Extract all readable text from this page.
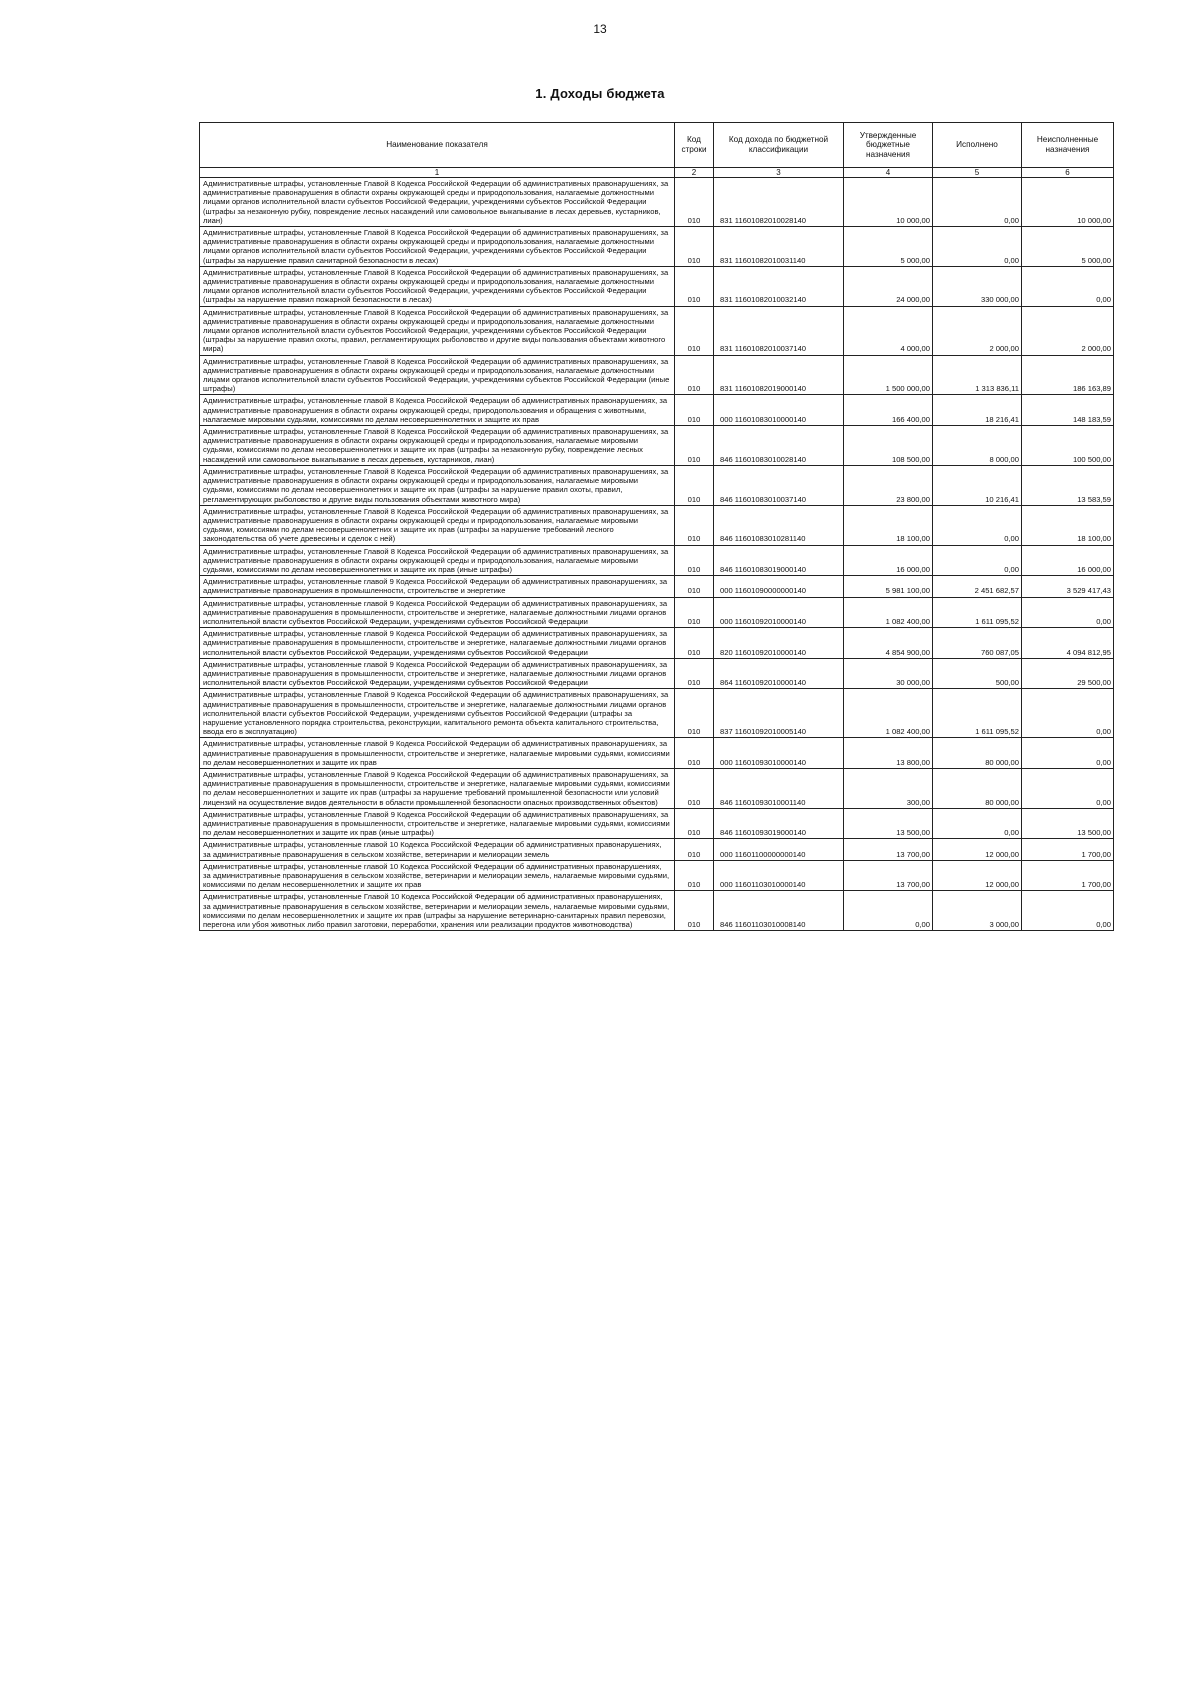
13
1. Доходы бюджета
Наименование показателя	Код строки	Код дохода по бюджетной классификации	Утвержденные бюджетные назначения	Исполнено	Неисполненные назначения
1	2	3	4	5	6
Административные штрафы, установленные Главой 8 Кодекса Российской Федерации об административных правонарушениях, за административные правонарушения в области охраны окружающей среды и природопользования, налагаемые должностными лицами органов исполнительной власти субъектов Российской Федерации, учреждениями субъектов Российской Федерации (штрафы за незаконную рубку, повреждение лесных насаждений или самовольное выкапывание в лесах деревьев, кустарников, лиан)	010	831 11601082010028140	10 000,00	0,00	10 000,00
Административные штрафы, установленные Главой 8 Кодекса Российской Федерации об административных правонарушениях, за административные правонарушения в области охраны окружающей среды и природопользования, налагаемые должностными лицами органов исполнительной власти субъектов Российской Федерации, учреждениями субъектов Российской Федерации (штрафы за нарушение правил санитарной безопасности в лесах)	010	831 11601082010031140	5 000,00	0,00	5 000,00
Административные штрафы, установленные Главой 8 Кодекса Российской Федерации об административных правонарушениях, за административные правонарушения в области охраны окружающей среды и природопользования, налагаемые должностными лицами органов исполнительной власти субъектов Российской Федерации, учреждениями субъектов Российской Федерации (штрафы за нарушение правил пожарной безопасности в лесах)	010	831 11601082010032140	24 000,00	330 000,00	0,00
Административные штрафы, установленные Главой 8 Кодекса Российской Федерации об административных правонарушениях, за административные правонарушения в области охраны окружающей среды и природопользования, налагаемые должностными лицами органов исполнительной власти субъектов Российской Федерации, учреждениями субъектов Российской Федерации (штрафы за нарушение правил охоты, правил, регламентирующих рыболовство и другие виды пользования объектами животного мира)	010	831 11601082010037140	4 000,00	2 000,00	2 000,00
Административные штрафы, установленные Главой 8 Кодекса Российской Федерации об административных правонарушениях, за административные правонарушения в области охраны окружающей среды и природопользования, налагаемые должностными лицами органов исполнительной власти субъектов Российской Федерации, учреждениями субъектов Российской Федерации (иные штрафы)	010	831 11601082019000140	1 500 000,00	1 313 836,11	186 163,89
Административные штрафы, установленные главой 8 Кодекса Российской Федерации об административных правонарушениях, за административные правонарушения в области охраны окружающей среды, природопользования и обращения с животными, налагаемые мировыми судьями, комиссиями по делам несовершеннолетних и защите их прав	010	000 11601083010000140	166 400,00	18 216,41	148 183,59
Административные штрафы, установленные Главой 8 Кодекса Российской Федерации об административных правонарушениях, за административные правонарушения в области охраны окружающей среды и природопользования, налагаемые мировыми судьями, комиссиями по делам несовершеннолетних и защите их прав (штрафы за незаконную рубку, повреждение лесных насаждений или самовольное выкапывание в лесах деревьев, кустарников, лиан)	010	846 11601083010028140	108 500,00	8 000,00	100 500,00
Административные штрафы, установленные Главой 8 Кодекса Российской Федерации об административных правонарушениях, за административные правонарушения в области охраны окружающей среды и природопользования, налагаемые мировыми судьями, комиссиями по делам несовершеннолетних и защите их прав (штрафы за нарушение правил охоты, правил, регламентирующих рыболовство и другие виды пользования объектами животного мира)	010	846 11601083010037140	23 800,00	10 216,41	13 583,59
Административные штрафы, установленные Главой 8 Кодекса Российской Федерации об административных правонарушениях, за административные правонарушения в области охраны окружающей среды и природопользования, налагаемые мировыми судьями, комиссиями по делам несовершеннолетних и защите их прав (штрафы за нарушение требований лесного законодательства об учете древесины и сделок с ней)	010	846 11601083010281140	18 100,00	0,00	18 100,00
Административные штрафы, установленные Главой 8 Кодекса Российской Федерации об административных правонарушениях, за административные правонарушения в области охраны окружающей среды и природопользования, налагаемые мировыми судьями, комиссиями по делам несовершеннолетних и защите их прав (иные штрафы)	010	846 11601083019000140	16 000,00	0,00	16 000,00
Административные штрафы, установленные главой 9 Кодекса Российской Федерации об административных правонарушениях, за административные правонарушения в промышленности, строительстве и энергетике	010	000 11601090000000140	5 981 100,00	2 451 682,57	3 529 417,43
Административные штрафы, установленные главой 9 Кодекса Российской Федерации об административных правонарушениях, за административные правонарушения в промышленности, строительстве и энергетике, налагаемые должностными лицами органов исполнительной власти субъектов Российской Федерации, учреждениями субъектов Российской Федерации	010	000 11601092010000140	1 082 400,00	1 611 095,52	0,00
Административные штрафы, установленные главой 9 Кодекса Российской Федерации об административных правонарушениях, за административные правонарушения в промышленности, строительстве и энергетике, налагаемые должностными лицами органов исполнительной власти субъектов Российской Федерации, учреждениями субъектов Российской Федерации	010	820 11601092010000140	4 854 900,00	760 087,05	4 094 812,95
Административные штрафы, установленные главой 9 Кодекса Российской Федерации об административных правонарушениях, за административные правонарушения в промышленности, строительстве и энергетике, налагаемые должностными лицами органов исполнительной власти субъектов Российской Федерации, учреждениями субъектов Российской Федерации	010	864 11601092010000140	30 000,00	500,00	29 500,00
Административные штрафы, установленные Главой 9 Кодекса Российской Федерации об административных правонарушениях, за административные правонарушения в промышленности, строительстве и энергетике, налагаемые должностными лицами органов исполнительной власти субъектов Российской Федерации, учреждениями субъектов Российской Федерации (штрафы за нарушение установленного порядка строительства, реконструкции, капитального ремонта объекта капитального строительства, ввода его в эксплуатацию)	010	837 11601092010005140	1 082 400,00	1 611 095,52	0,00
Административные штрафы, установленные главой 9 Кодекса Российской Федерации об административных правонарушениях, за административные правонарушения в промышленности, строительстве и энергетике, налагаемые мировыми судьями, комиссиями по делам несовершеннолетних и защите их прав	010	000 11601093010000140	13 800,00	80 000,00	0,00
Административные штрафы, установленные Главой 9 Кодекса Российской Федерации об административных правонарушениях, за административные правонарушения в промышленности, строительстве и энергетике, налагаемые мировыми судьями, комиссиями по делам несовершеннолетних и защите их прав (штрафы за нарушение требований промышленной безопасности или условий лицензий на осуществление видов деятельности в области промышленной безопасности опасных производственных объектов)	010	846 11601093010001140	300,00	80 000,00	0,00
Административные штрафы, установленные Главой 9 Кодекса Российской Федерации об административных правонарушениях, за административные правонарушения в промышленности, строительстве и энергетике, налагаемые мировыми судьями, комиссиями по делам несовершеннолетних и защите их прав (иные штрафы)	010	846 11601093019000140	13 500,00	0,00	13 500,00
Административные штрафы, установленные главой 10 Кодекса Российской Федерации об административных правонарушениях, за административные правонарушения в сельском хозяйстве, ветеринарии и мелиорации земель	010	000 11601100000000140	13 700,00	12 000,00	1 700,00
Административные штрафы, установленные главой 10 Кодекса Российской Федерации об административных правонарушениях, за административные правонарушения в сельском хозяйстве, ветеринарии и мелиорации земель, налагаемые мировыми судьями, комиссиями по делам несовершеннолетних и защите их прав	010	000 11601103010000140	13 700,00	12 000,00	1 700,00
Административные штрафы, установленные Главой 10 Кодекса Российской Федерации об административных правонарушениях, за административные правонарушения в сельском хозяйстве, ветеринарии и мелиорации земель, налагаемые мировыми судьями, комиссиями по делам несовершеннолетних и защите их прав (штрафы за нарушение ветеринарно-санитарных правил перевозки, перегона или убоя животных либо правил заготовки, переработки, хранения или реализации продуктов животноводства)	010	846 11601103010008140	0,00	3 000,00	0,00
